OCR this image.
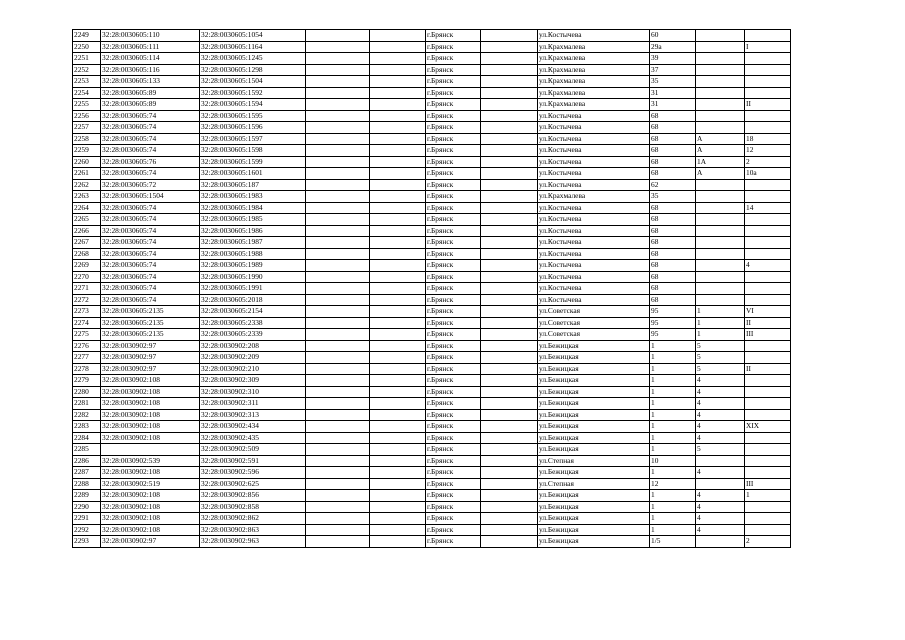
2249	32:28:0030605:110	32:28:0030605:1054			г.Брянск		ул.Костычева	60		
2250	32:28:0030605:111	32:28:0030605:1164			г.Брянск		ул.Крахмалева	29а		I
2251	32:28:0030605:114	32:28:0030605:1245			г.Брянск		ул.Крахмалева	39		
2252	32:28:0030605:116	32:28:0030605:1298			г.Брянск		ул.Крахмалева	37		
2253	32:28:0030605:133	32:28:0030605:1504			г.Брянск		ул.Крахмалева	35		
2254	32:28:0030605:89	32:28:0030605:1592			г.Брянск		ул.Крахмалева	31		
2255	32:28:0030605:89	32:28:0030605:1594			г.Брянск		ул.Крахмалева	31		II
2256	32:28:0030605:74	32:28:0030605:1595			г.Брянск		ул.Костычева	68		
2257	32:28:0030605:74	32:28:0030605:1596			г.Брянск		ул.Костычева	68		
2258	32:28:0030605:74	32:28:0030605:1597			г.Брянск		ул.Костычева	68	А	18
2259	32:28:0030605:74	32:28:0030605:1598			г.Брянск		ул.Костычева	68	А	12
2260	32:28:0030605:76	32:28:0030605:1599			г.Брянск		ул.Костычева	68	1А	2
2261	32:28:0030605:74	32:28:0030605:1601			г.Брянск		ул.Костычева	68	А	10а
2262	32:28:0030605:72	32:28:0030605:187			г.Брянск		ул.Костычева	62		
2263	32:28:0030605:1504	32:28:0030605:1983			г.Брянск		ул.Крахмалева	35		
2264	32:28:0030605:74	32:28:0030605:1984			г.Брянск		ул.Костычева	68		14
2265	32:28:0030605:74	32:28:0030605:1985			г.Брянск		ул.Костычева	68		
2266	32:28:0030605:74	32:28:0030605:1986			г.Брянск		ул.Костычева	68		
2267	32:28:0030605:74	32:28:0030605:1987			г.Брянск		ул.Костычева	68		
2268	32:28:0030605:74	32:28:0030605:1988			г.Брянск		ул.Костычева	68		
2269	32:28:0030605:74	32:28:0030605:1989			г.Брянск		ул.Костычева	68		4
2270	32:28:0030605:74	32:28:0030605:1990			г.Брянск		ул.Костычева	68		
2271	32:28:0030605:74	32:28:0030605:1991			г.Брянск		ул.Костычева	68		
2272	32:28:0030605:74	32:28:0030605:2018			г.Брянск		ул.Костычева	68		
2273	32:28:0030605:2135	32:28:0030605:2154			г.Брянск		ул.Советская	95	1	VI
2274	32:28:0030605:2135	32:28:0030605:2338			г.Брянск		ул.Советская	95	1	II
2275	32:28:0030605:2135	32:28:0030605:2339			г.Брянск		ул.Советская	95	1	III
2276	32:28:0030902:97	32:28:0030902:208			г.Брянск		ул.Бежицкая	1	5	
2277	32:28:0030902:97	32:28:0030902:209			г.Брянск		ул.Бежицкая	1	5	
2278	32:28:0030902:97	32:28:0030902:210			г.Брянск		ул.Бежицкая	1	5	II
2279	32:28:0030902:108	32:28:0030902:309			г.Брянск		ул.Бежицкая	1	4	
2280	32:28:0030902:108	32:28:0030902:310			г.Брянск		ул.Бежицкая	1	4	
2281	32:28:0030902:108	32:28:0030902:311			г.Брянск		ул.Бежицкая	1	4	
2282	32:28:0030902:108	32:28:0030902:313			г.Брянск		ул.Бежицкая	1	4	
2283	32:28:0030902:108	32:28:0030902:434			г.Брянск		ул.Бежицкая	1	4	XIX
2284	32:28:0030902:108	32:28:0030902:435			г.Брянск		ул.Бежицкая	1	4	
2285		32:28:0030902:509			г.Брянск		ул.Бежицкая	1	5	
2286	32:28:0030902:539	32:28:0030902:591			г.Брянск		ул.Степная	10		
2287	32:28:0030902:108	32:28:0030902:596			г.Брянск		ул.Бежицкая	1	4	
2288	32:28:0030902:519	32:28:0030902:625			г.Брянск		ул.Степная	12		III
2289	32:28:0030902:108	32:28:0030902:856			г.Брянск		ул.Бежицкая	1	4	1
2290	32:28:0030902:108	32:28:0030902:858			г.Брянск		ул.Бежицкая	1	4	
2291	32:28:0030902:108	32:28:0030902:862			г.Брянск		ул.Бежицкая	1	4	
2292	32:28:0030902:108	32:28:0030902:863			г.Брянск		ул.Бежицкая	1	4	
2293	32:28:0030902:97	32:28:0030902:963			г.Брянск		ул.Бежицкая	1/5		2
